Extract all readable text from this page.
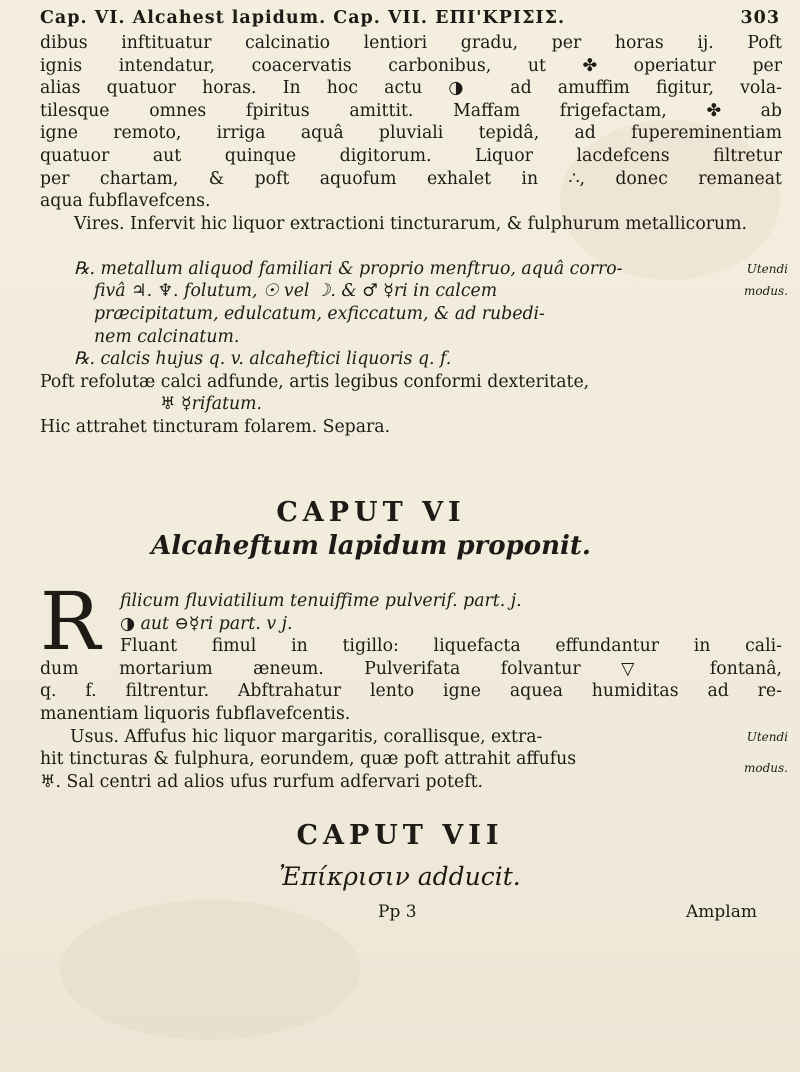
Cap. VI. Alcahest lapidum. Cap. VII. ΕΠΙ'ΚΡΙΣΙΣ.	303
dibus inftituatur calcinatio lentiori gradu, per horas ij. Poft
ignis intendatur, coacervatis carbonibus, ut ✤ operiatur per
alias quatuor horas. In hoc actu ◑ ad amuffim figitur, vola-
tilesque omnes fpiritus amittit. Maffam frigefactam, ✤ ab
igne remoto, irriga aquâ pluviali tepidâ, ad fupereminentiam
quatuor aut quinque digitorum. Liquor lacdefcens filtretur
per chartam, & poft aquofum exhalet in ∴, donec remaneat
aqua fubflavefcens.
Vires. Infervit hic liquor extractioni tincturarum, & fulphurum metallicorum.
℞. metallum aliquod familiari & proprio menftruo, aquâ corro-	Utendi
fivâ ♃. ♆. folutum, ☉ vel ☽. & ♂ ☿ri in calcem	modus.
præcipitatum, edulcatum, exficcatum, & ad rubedi-
nem calcinatum.
℞. calcis hujus q. v. alcaheftici liquoris q. f.
Poft refolutæ calci adfunde, artis legibus conformi dexteritate,
♅ ☿rifatum.
Hic attrahet tincturam folarem. Separa.
CAPUT VI
Alcaheftum lapidum proponit.
R	filicum fluviatilium tenuiffime pulverif. part. j.
◑ aut ⊖☿ri part. v j.
Fluant fimul in tigillo: liquefacta effundantur in cali-
dum mortarium æneum. Pulverifata folvantur ▽ fontanâ,
q. f. filtrentur. Abftrahatur lento igne aquea humiditas ad re-
manentiam liquoris fubflavefcentis.
Usus. Affufus hic liquor margaritis, corallisque, extra-	Utendi
hit tincturas & fulphura, eorundem, quæ poft attrahit affufus	modus.
♅. Sal centri ad alios ufus rurfum adfervari poteft.
CAPUT VII
Ἐπίκρισιν adducit.
Pp 3	Amplam
